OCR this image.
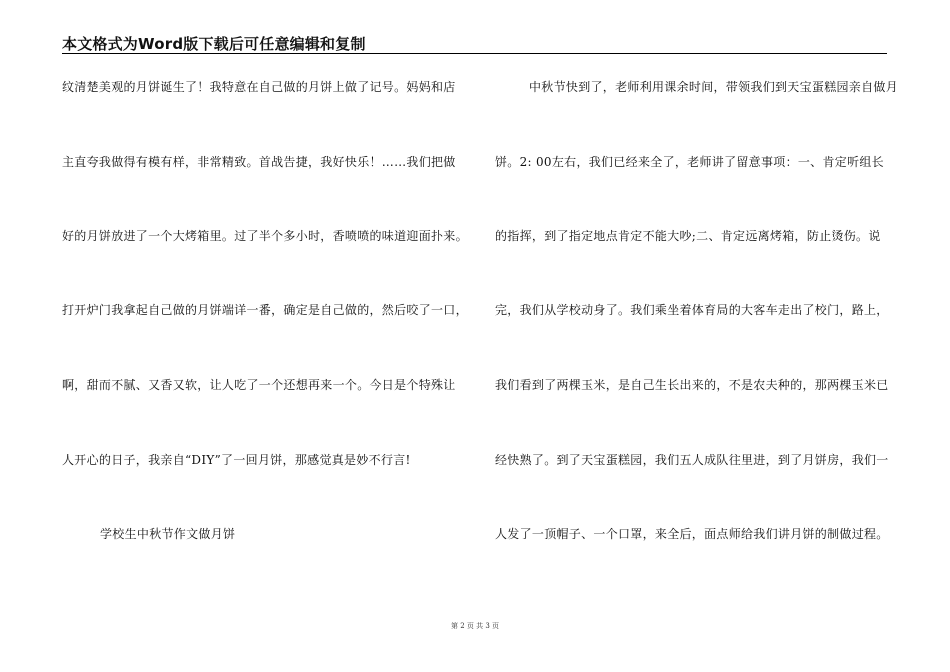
本文格式为Word版下载后可任意编辑和复制
纹清楚美观的月饼诞生了！我特意在自己做的月饼上做了记号。妈妈和店
主直夸我做得有模有样，非常精致。首战告捷，我好快乐！……我们把做
好的月饼放进了一个大烤箱里。过了半个多小时，香喷喷的味道迎面扑来。
打开炉门我拿起自己做的月饼端详一番，确定是自己做的，然后咬了一口，
啊，甜而不腻、又香又软，让人吃了一个还想再来一个。今日是个特殊让
人开心的日子，我亲自“DIY”了一回月饼，那感觉真是妙不行言!
学校生中秋节作文做月饼
中秋节快到了，老师利用课余时间，带领我们到天宝蛋糕园亲自做月
饼。2: 00左右，我们已经来全了，老师讲了留意事项：一、肯定听组长
的指挥，到了指定地点肯定不能大吵;二、肯定远离烤箱，防止烫伤。说
完，我们从学校动身了。我们乘坐着体育局的大客车走出了校门，路上，
我们看到了两棵玉米，是自己生长出来的，不是农夫种的，那两棵玉米已
经快熟了。到了天宝蛋糕园，我们五人成队往里进，到了月饼房，我们一
人发了一顶帽子、一个口罩，来全后，面点师给我们讲月饼的制做过程。
第 2 页 共 3 页
